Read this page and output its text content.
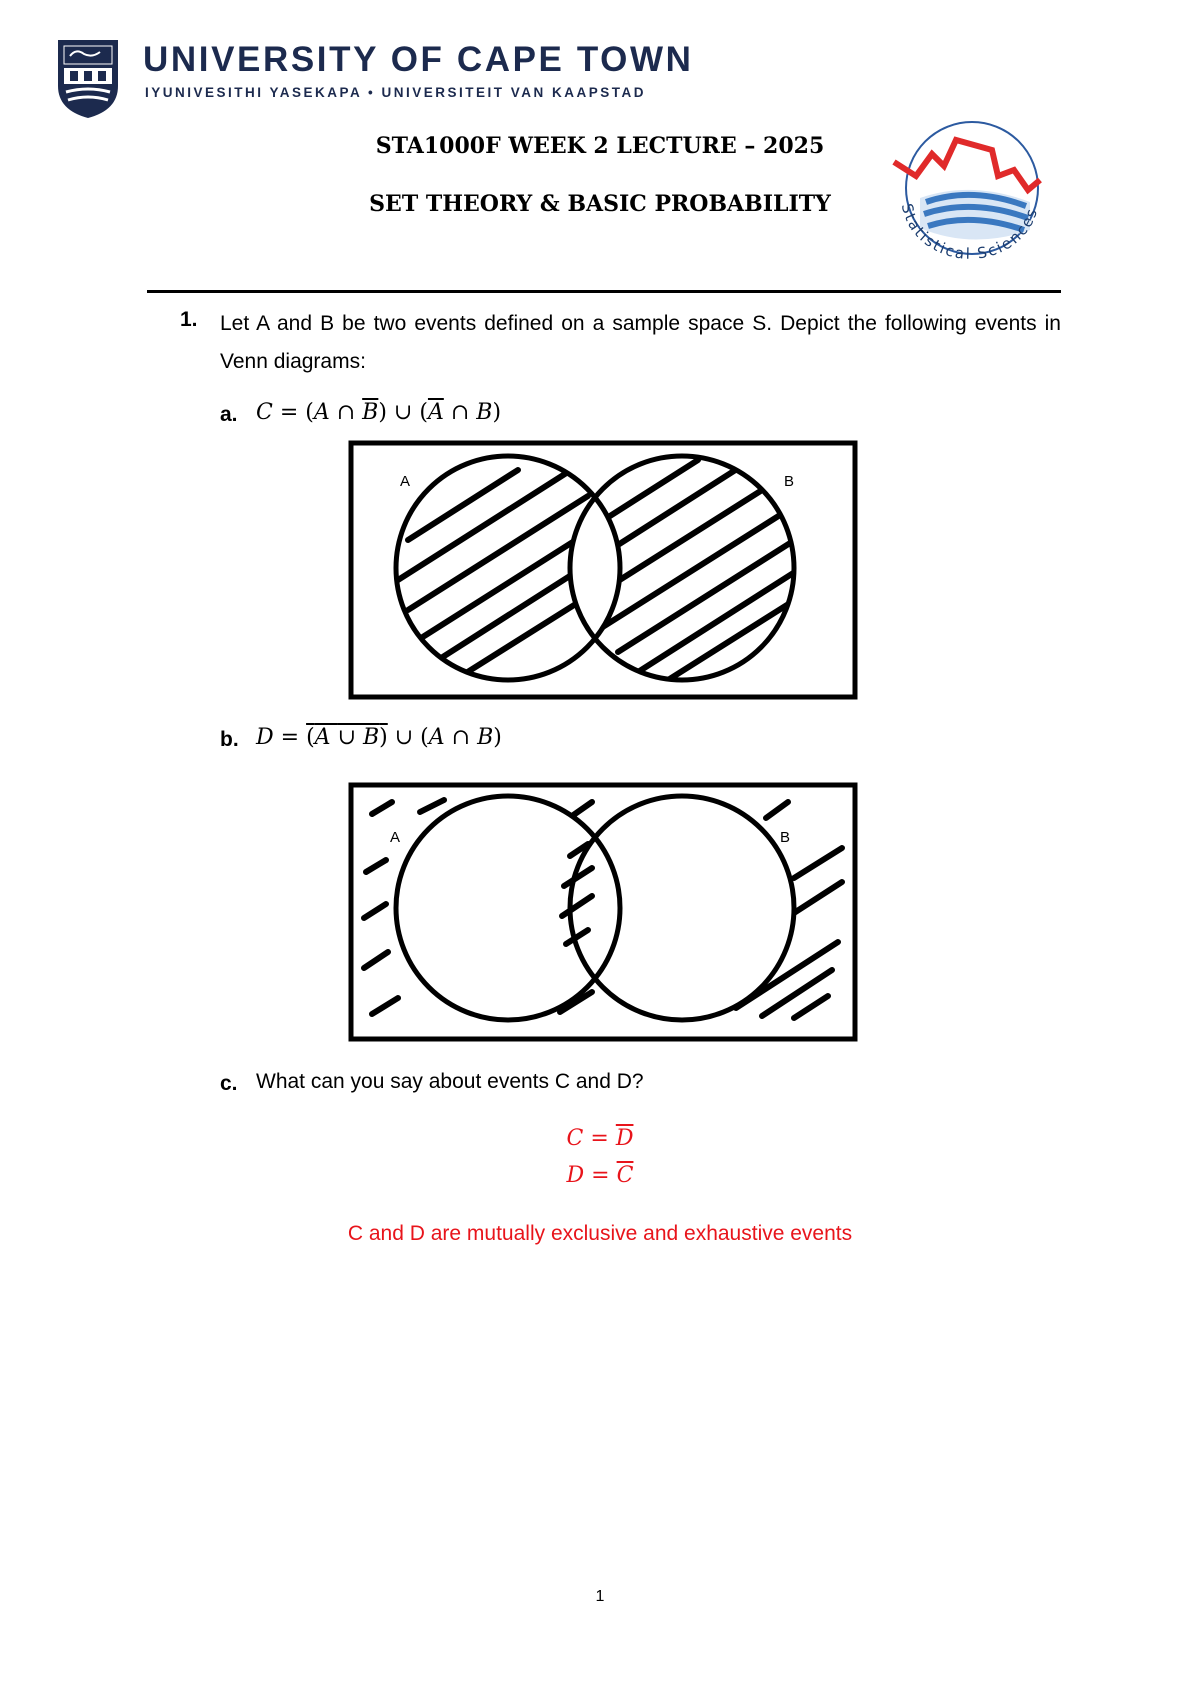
UNIVERSITY OF CAPE TOWN
IYUNIVESITHI YASEKAPA • UNIVERSITEIT VAN KAAPSTAD
STA1000F WEEK 2 LECTURE – 2025
SET THEORY & BASIC PROBABILITY	Statistical Sciences
1. Let A and B be two events defined on a sample space S. Depict the following events in Venn diagrams:
a. C = (A ∩ $\overline{B}$) ∪ ($\overline{A}$ ∩ B)
A	B
b. D = (A ∪ B) ∪ (A ∩ B)
A	B
c. What can you say about events C and D?
$C = \overline{D}$
$D = \overline{C}$
C and D are mutually exclusive and exhaustive events
1
